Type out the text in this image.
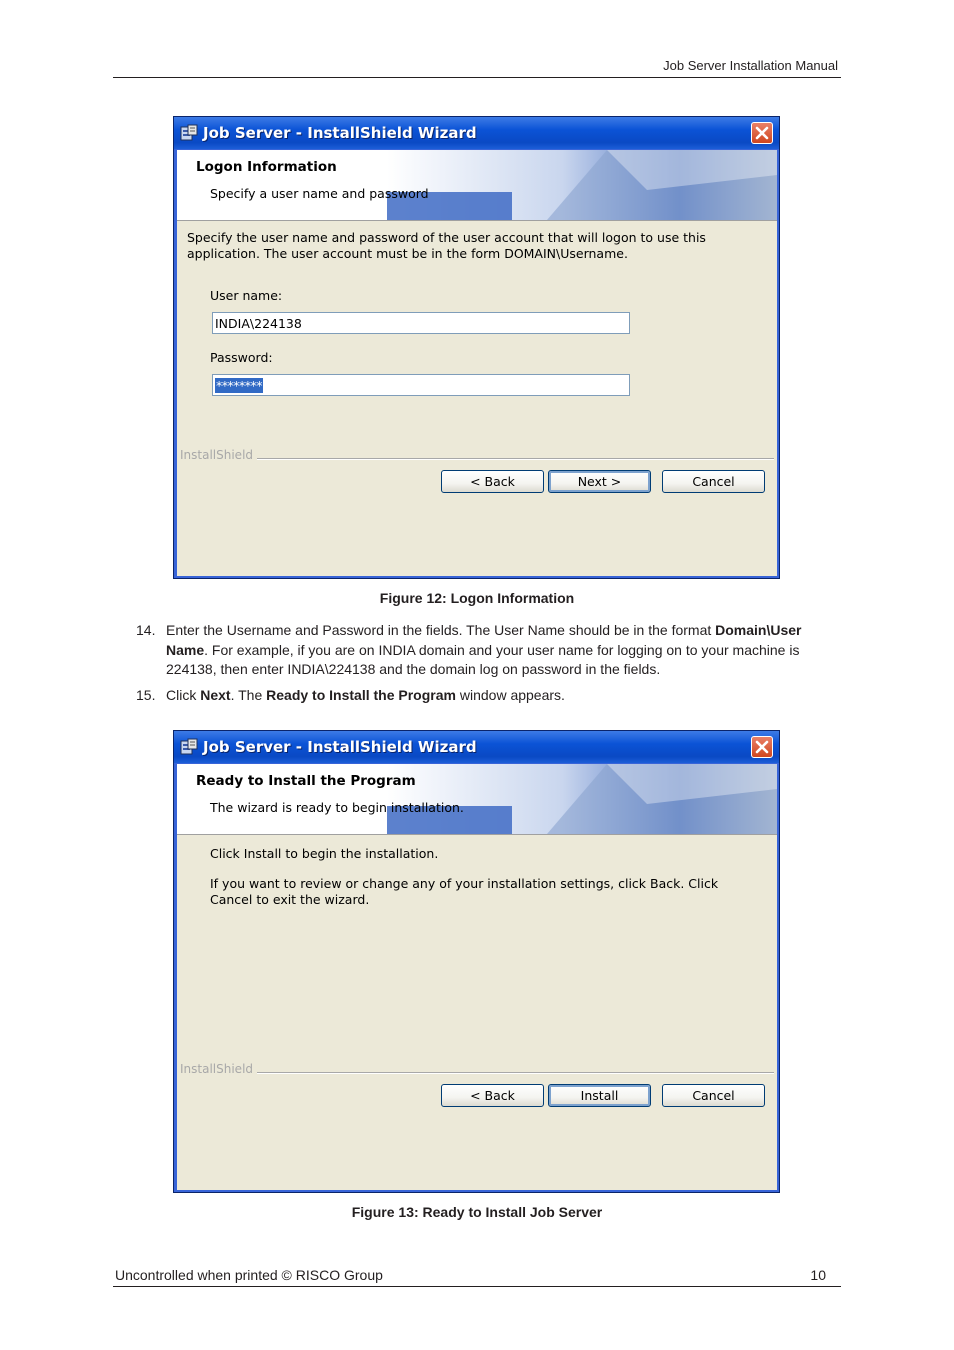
Job Server Installation Manual
Job Server - InstallShield Wizard
Logon Information
Specify a user name and password
Specify the user name and password of the user account that will logon to use this application. The user account must be in the form DOMAIN\Username.
User name:
INDIA\224138
Password:
********
InstallShield
< Back	Next >	Cancel
Figure 12: Logon Information
14. Enter the Username and Password in the fields. The User Name should be in the format Domain\User Name. For example, if you are on INDIA domain and your user name for logging on to your machine is 224138, then enter INDIA\224138 and the domain log on password in the fields.
15. Click Next. The Ready to Install the Program window appears.
Job Server - InstallShield Wizard
Ready to Install the Program
The wizard is ready to begin installation.
Click Install to begin the installation.
If you want to review or change any of your installation settings, click Back. Click Cancel to exit the wizard.
InstallShield
< Back	Install	Cancel
Figure 13: Ready to Install Job Server
Uncontrolled when printed © RISCO Group	10
